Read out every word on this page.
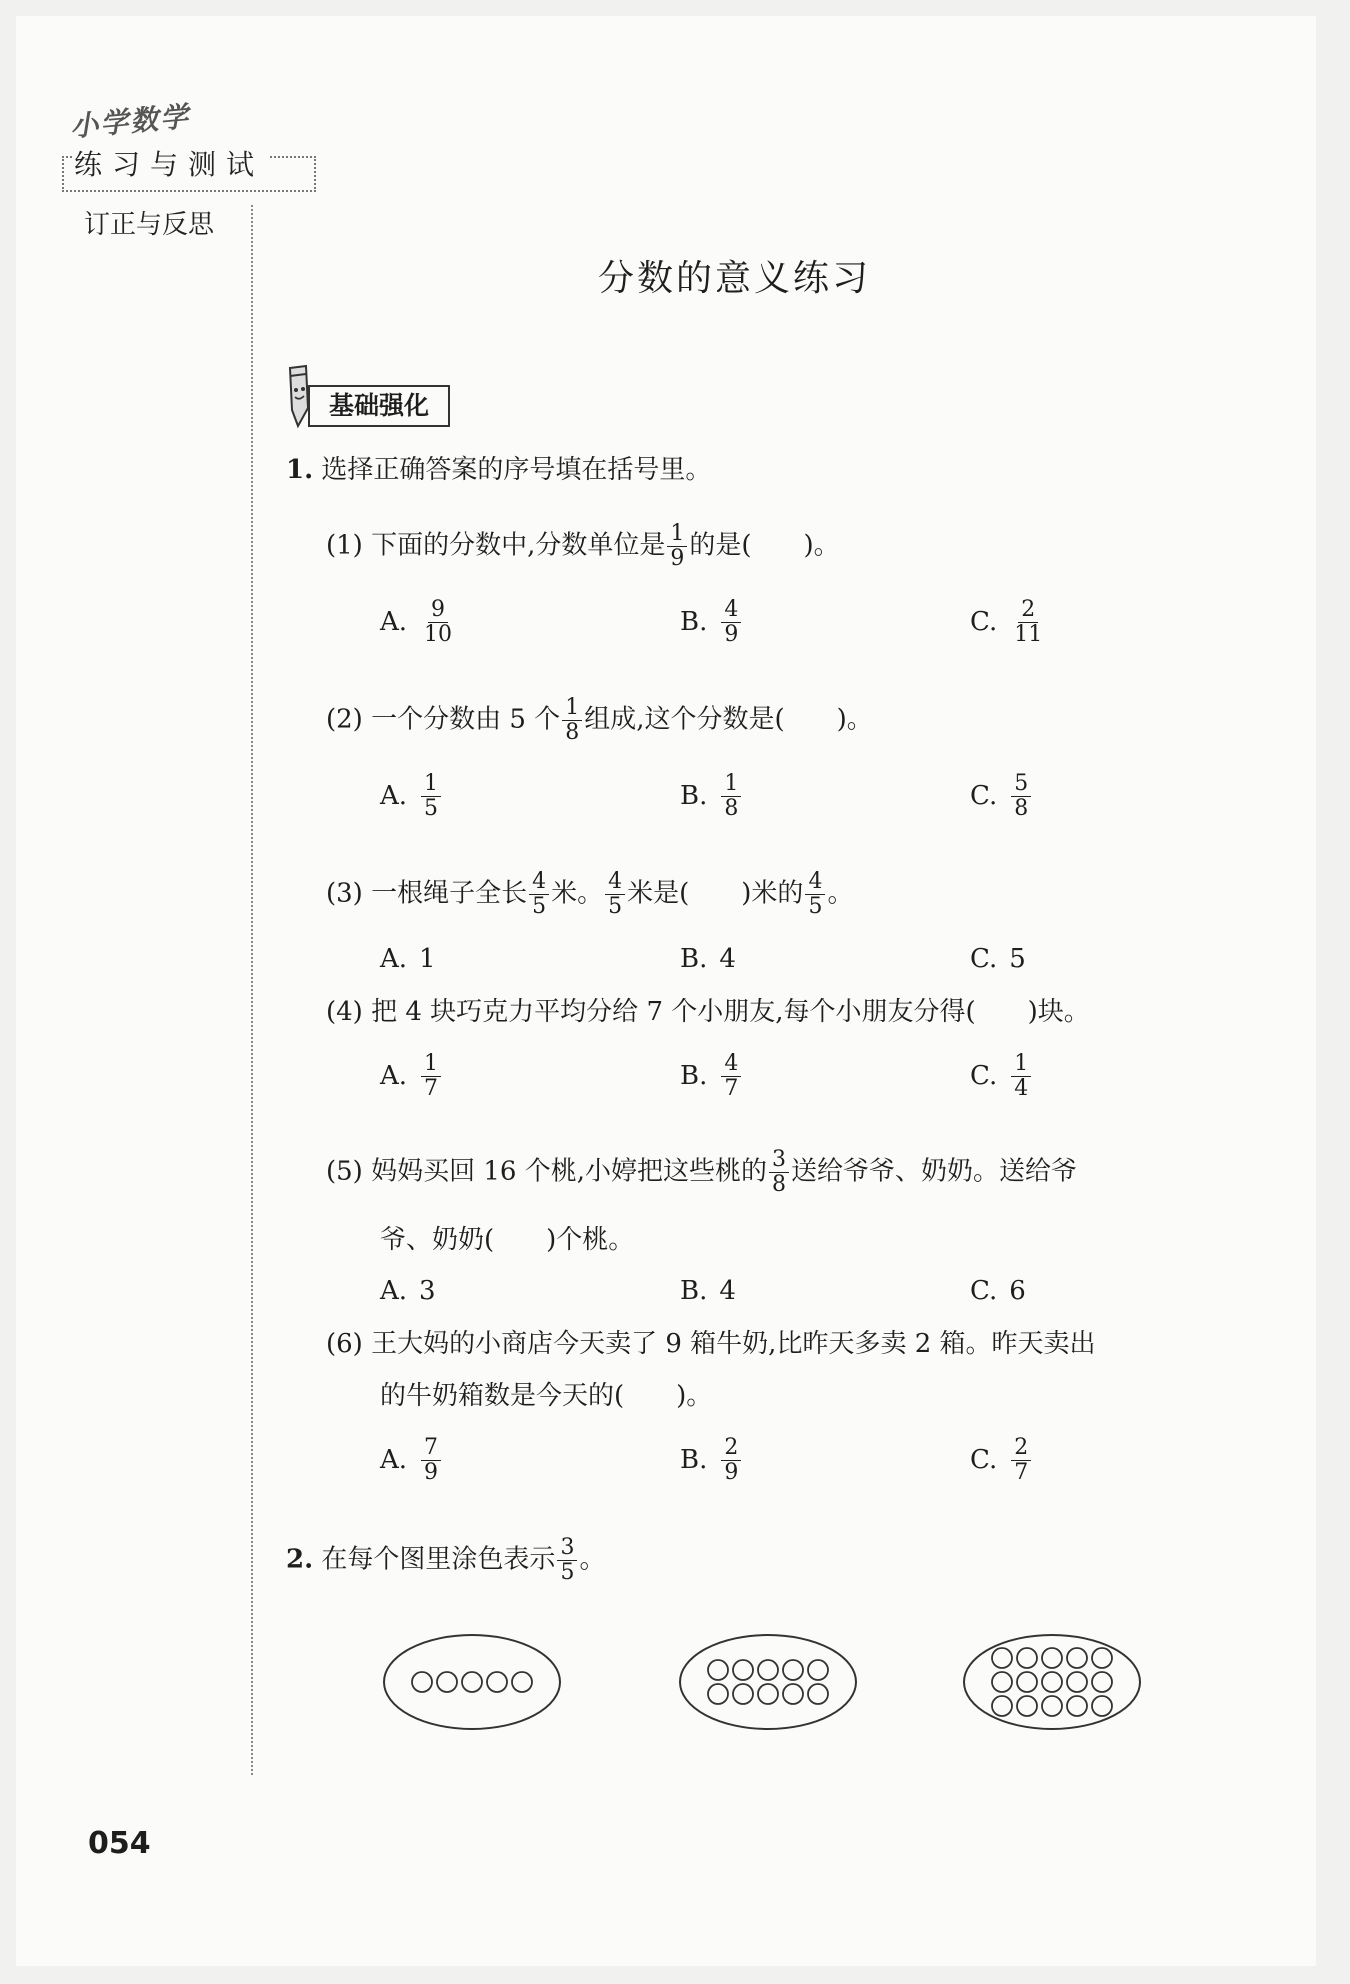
小学数学
练习与测试
订正与反思
分数的意义练习
基础强化
1. 选择正确答案的序号填在括号里。
(1) 下面的分数中,分数单位是 $\frac{1}{9}$ 的是(　　)。
A. $\frac{9}{10}$	B. $\frac{4}{9}$	C. $\frac{2}{11}$
(2) 一个分数由 5 个 $\frac{1}{8}$ 组成,这个分数是(　　)。
A. $\frac{1}{5}$	B. $\frac{1}{8}$	C. $\frac{5}{8}$
(3) 一根绳子全长 $\frac{4}{5}$ 米。 $\frac{4}{5}$ 米是(　　)米的 $\frac{4}{5}$ 。
A. 1	B. 4	C. 5
(4) 把 4 块巧克力平均分给 7 个小朋友,每个小朋友分得(　　)块。
A. $\frac{1}{7}$	B. $\frac{4}{7}$	C. $\frac{1}{4}$
(5) 妈妈买回 16 个桃,小婷把这些桃的 $\frac{3}{8}$ 送给爷爷、奶奶。送给爷
爷、奶奶(　　)个桃。
A. 3	B. 4	C. 6
(6) 王大妈的小商店今天卖了 9 箱牛奶,比昨天多卖 2 箱。昨天卖出
的牛奶箱数是今天的(　　)。
A. $\frac{7}{9}$	B. $\frac{2}{9}$	C. $\frac{2}{7}$
2. 在每个图里涂色表示 $\frac{3}{5}$ 。
054
